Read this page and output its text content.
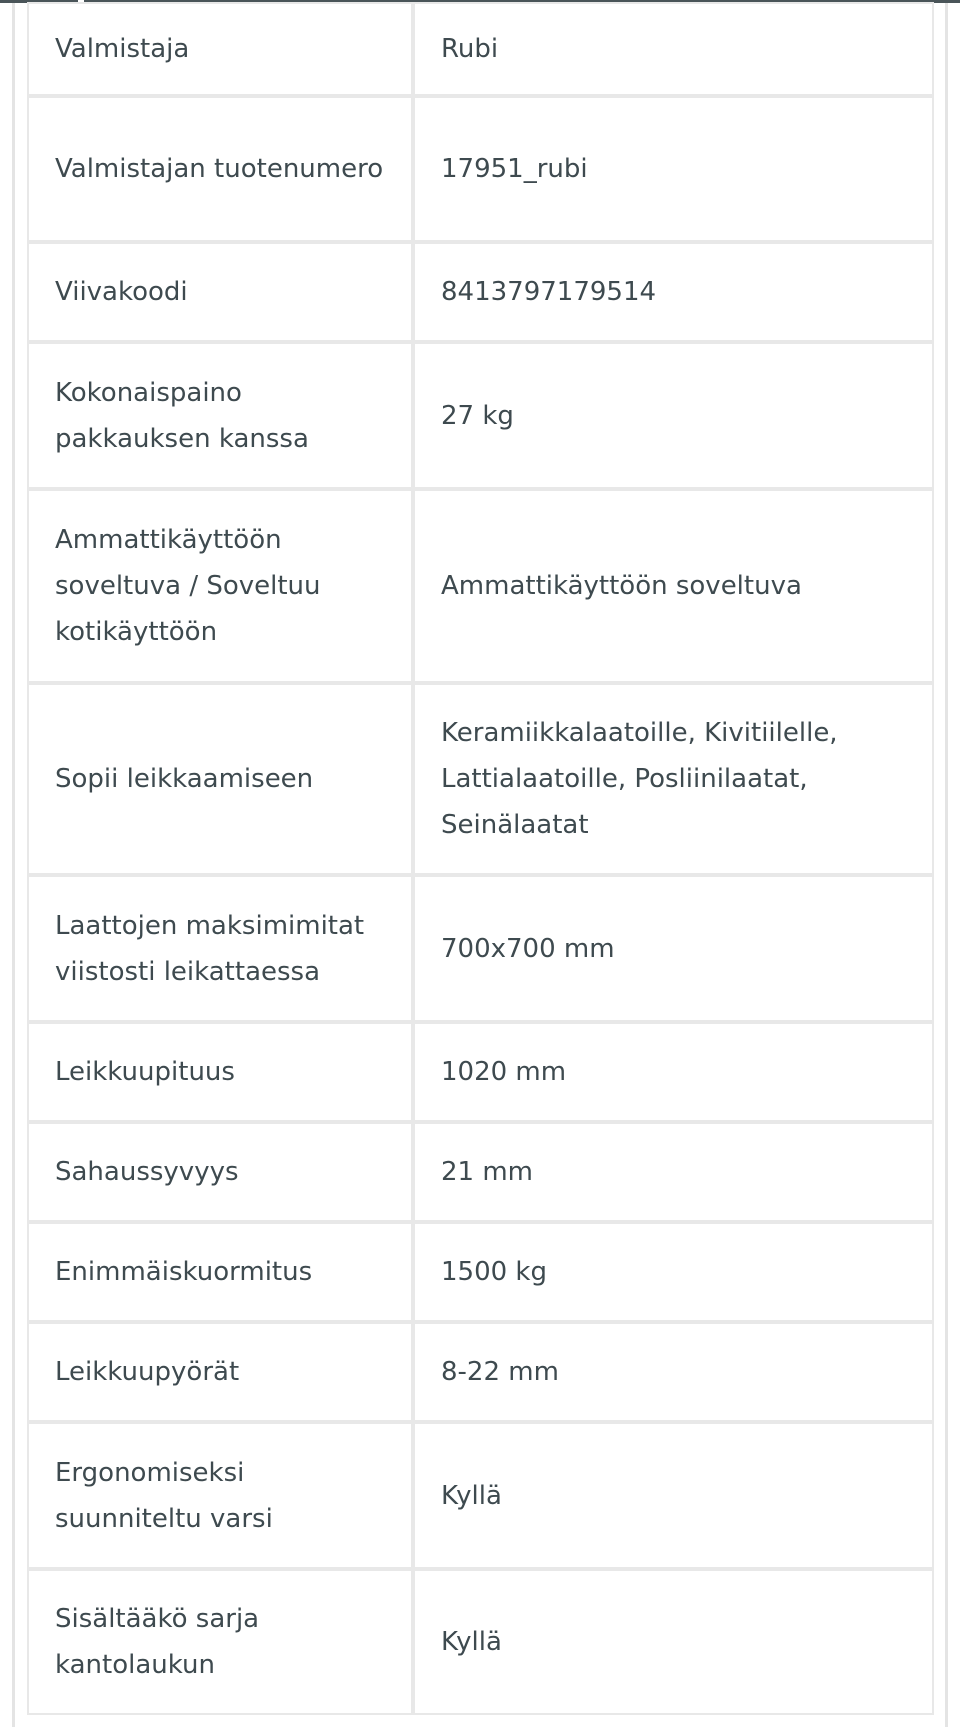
Valmistaja	Rubi
Valmistajan tuotenumero	17951_rubi
Viivakoodi	8413797179514
Kokonaispaino pakkauksen kanssa	27 kg
Ammattikäyttöön soveltuva / Soveltuu kotikäyttöön	Ammattikäyttöön soveltuva
Sopii leikkaamiseen	Keramiikkalaatoille, Kivitiilelle, Lattialaatoille, Posliinilaatat, Seinälaatat
Laattojen maksimimitat viistosti leikattaessa	700x700 mm
Leikkuupituus	1020 mm
Sahaussyvyys	21 mm
Enimmäiskuormitus	1500 kg
Leikkuupyörät	8-22 mm
Ergonomiseksi suunniteltu varsi	Kyllä
Sisältääkö sarja kantolaukun	Kyllä
